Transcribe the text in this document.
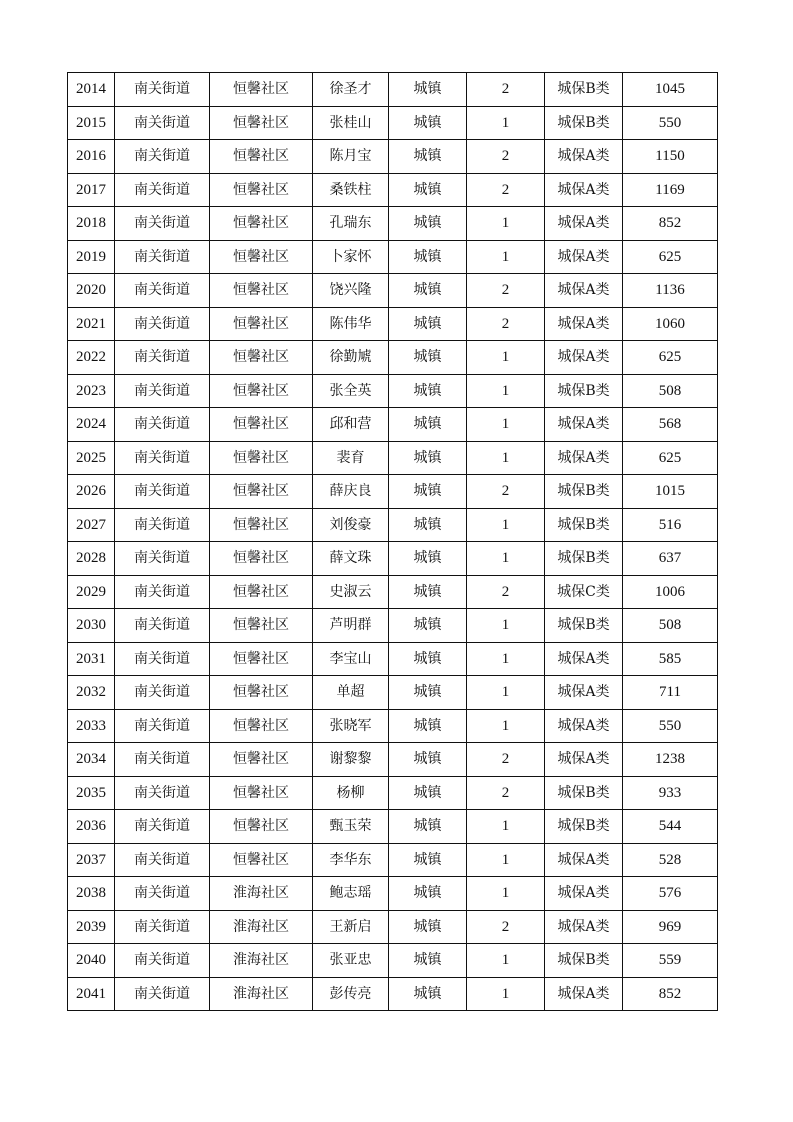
2014	南关街道	恒馨社区	徐圣才	城镇	2	城保B类	1045
2015	南关街道	恒馨社区	张桂山	城镇	1	城保B类	550
2016	南关街道	恒馨社区	陈月宝	城镇	2	城保A类	1150
2017	南关街道	恒馨社区	桑铁柱	城镇	2	城保A类	1169
2018	南关街道	恒馨社区	孔瑞东	城镇	1	城保A类	852
2019	南关街道	恒馨社区	卜家怀	城镇	1	城保A类	625
2020	南关街道	恒馨社区	饶兴隆	城镇	2	城保A类	1136
2021	南关街道	恒馨社区	陈伟华	城镇	2	城保A类	1060
2022	南关街道	恒馨社区	徐勤虓	城镇	1	城保A类	625
2023	南关街道	恒馨社区	张全英	城镇	1	城保B类	508
2024	南关街道	恒馨社区	邱和营	城镇	1	城保A类	568
2025	南关街道	恒馨社区	裴育	城镇	1	城保A类	625
2026	南关街道	恒馨社区	薛庆良	城镇	2	城保B类	1015
2027	南关街道	恒馨社区	刘俊豪	城镇	1	城保B类	516
2028	南关街道	恒馨社区	薛文珠	城镇	1	城保B类	637
2029	南关街道	恒馨社区	史淑云	城镇	2	城保C类	1006
2030	南关街道	恒馨社区	芦明群	城镇	1	城保B类	508
2031	南关街道	恒馨社区	李宝山	城镇	1	城保A类	585
2032	南关街道	恒馨社区	单超	城镇	1	城保A类	711
2033	南关街道	恒馨社区	张晓军	城镇	1	城保A类	550
2034	南关街道	恒馨社区	谢黎黎	城镇	2	城保A类	1238
2035	南关街道	恒馨社区	杨柳	城镇	2	城保B类	933
2036	南关街道	恒馨社区	甄玉荣	城镇	1	城保B类	544
2037	南关街道	恒馨社区	李华东	城镇	1	城保A类	528
2038	南关街道	淮海社区	鲍志瑶	城镇	1	城保A类	576
2039	南关街道	淮海社区	王新启	城镇	2	城保A类	969
2040	南关街道	淮海社区	张亚忠	城镇	1	城保B类	559
2041	南关街道	淮海社区	彭传亮	城镇	1	城保A类	852
